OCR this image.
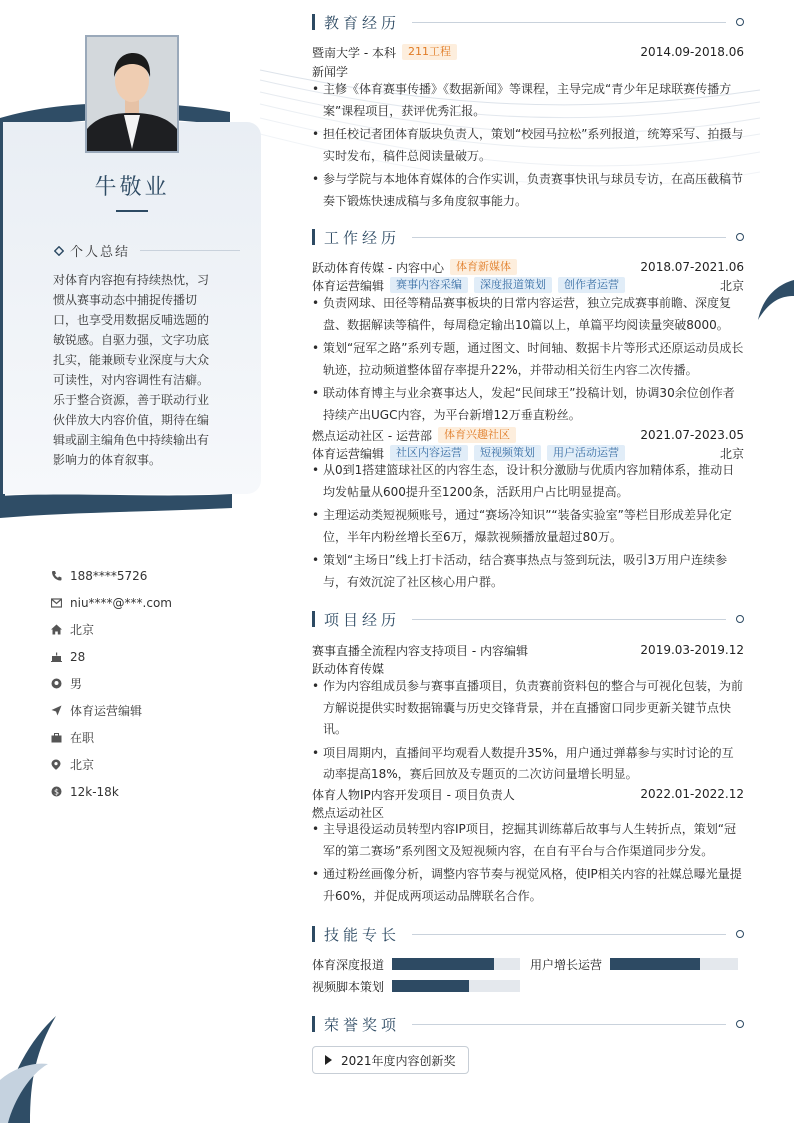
牛敬业
个人总结
对体育内容抱有持续热忱，习惯从赛事动态中捕捉传播切口，也享受用数据反哺选题的敏锐感。自驱力强，文字功底扎实，能兼顾专业深度与大众可读性，对内容调性有洁癖。乐于整合资源，善于联动行业伙伴放大内容价值，期待在编辑或副主编角色中持续输出有影响力的体育叙事。
188****5726
niu****@***.com
北京
28
男
体育运营编辑
在职
北京
$ 12k-18k
教育经历
暨南大学 - 本科	211工程	2014.09-2018.06
新闻学
• 主修《体育赛事传播》《数据新闻》等课程，主导完成“青少年足球联赛传播方案”课程项目，获评优秀汇报。
• 担任校记者团体育版块负责人，策划“校园马拉松”系列报道，统筹采写、拍摄与实时发布，稿件总阅读量破万。
• 参与学院与本地体育媒体的合作实训，负责赛事快讯与球员专访，在高压截稿节奏下锻炼快速成稿与多角度叙事能力。
工作经历
跃动体育传媒 - 内容中心	体育新媒体	2018.07-2021.06
体育运营编辑	赛事内容采编	深度报道策划	创作者运营	北京
• 负责网球、田径等精品赛事板块的日常内容运营，独立完成赛事前瞻、深度复盘、数据解读等稿件，每周稳定输出10篇以上，单篇平均阅读量突破8000。
• 策划“冠军之路”系列专题，通过图文、时间轴、数据卡片等形式还原运动员成长轨迹，拉动频道整体留存率提升22%，并带动相关衍生内容二次传播。
• 联动体育博主与业余赛事达人，发起“民间球王”投稿计划，协调30余位创作者持续产出UGC内容，为平台新增12万垂直粉丝。
燃点运动社区 - 运营部	体育兴趣社区	2021.07-2023.05
体育运营编辑	社区内容运营	短视频策划	用户活动运营	北京
• 从0到1搭建篮球社区的内容生态，设计积分激励与优质内容加精体系，推动日均发帖量从600提升至1200条，活跃用户占比明显提高。
• 主理运动类短视频账号，通过“赛场冷知识”“装备实验室”等栏目形成差异化定位，半年内粉丝增长至6万，爆款视频播放量超过80万。
• 策划“主场日”线上打卡活动，结合赛事热点与签到玩法，吸引3万用户连续参与，有效沉淀了社区核心用户群。
项目经历
赛事直播全流程内容支持项目 - 内容编辑	2019.03-2019.12
跃动体育传媒
• 作为内容组成员参与赛事直播项目，负责赛前资料包的整合与可视化包装，为前方解说提供实时数据锦囊与历史交锋背景，并在直播窗口同步更新关键节点快讯。
• 项目周期内，直播间平均观看人数提升35%，用户通过弹幕参与实时讨论的互动率提高18%，赛后回放及专题页的二次访问量增长明显。
体育人物IP内容开发项目 - 项目负责人	2022.01-2022.12
燃点运动社区
• 主导退役运动员转型内容IP项目，挖掘其训练幕后故事与人生转折点，策划“冠军的第二赛场”系列图文及短视频内容，在自有平台与合作渠道同步分发。
• 通过粉丝画像分析，调整内容节奏与视觉风格，使IP相关内容的社媒总曝光量提升60%，并促成两项运动品牌联名合作。
技能专长
体育深度报道	用户增长运营
视频脚本策划
荣誉奖项
2021年度内容创新奖
